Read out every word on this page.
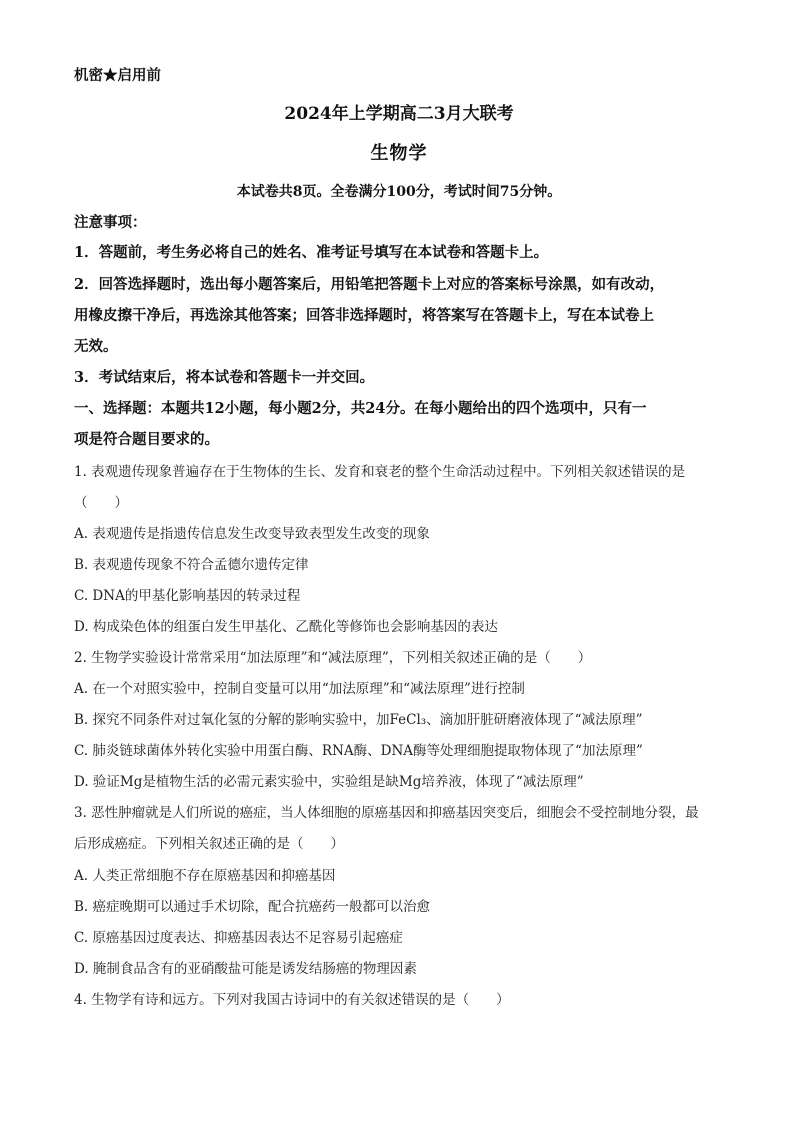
机密★启用前
2024年上学期高二3月大联考
生物学
本试卷共8页。全卷满分100分，考试时间75分钟。
注意事项：
1．答题前，考生务必将自己的姓名、准考证号填写在本试卷和答题卡上。
2．回答选择题时，选出每小题答案后，用铅笔把答题卡上对应的答案标号涂黑，如有改动，
用橡皮擦干净后，再选涂其他答案；回答非选择题时，将答案写在答题卡上，写在本试卷上
无效。
3．考试结束后，将本试卷和答题卡一并交回。
一、选择题：本题共12小题，每小题2分，共24分。在每小题给出的四个选项中，只有一
项是符合题目要求的。
1. 表观遗传现象普遍存在于生物体的生长、发育和衰老的整个生命活动过程中。下列相关叙述错误的是
（　　）
A. 表观遗传是指遗传信息发生改变导致表型发生改变的现象
B. 表观遗传现象不符合孟德尔遗传定律
C. DNA的甲基化影响基因的转录过程
D. 构成染色体的组蛋白发生甲基化、乙酰化等修饰也会影响基因的表达
2. 生物学实验设计常常采用“加法原理”和“减法原理”，下列相关叙述正确的是（　　）
A. 在一个对照实验中，控制自变量可以用“加法原理”和“减法原理”进行控制
B. 探究不同条件对过氧化氢的分解的影响实验中，加FeCl₃、滴加肝脏研磨液体现了“减法原理”
C. 肺炎链球菌体外转化实验中用蛋白酶、RNA酶、DNA酶等处理细胞提取物体现了“加法原理”
D. 验证Mg是植物生活的必需元素实验中，实验组是缺Mg培养液，体现了“减法原理”
3. 恶性肿瘤就是人们所说的癌症，当人体细胞的原癌基因和抑癌基因突变后，细胞会不受控制地分裂，最
后形成癌症。下列相关叙述正确的是（　　）
A. 人类正常细胞不存在原癌基因和抑癌基因
B. 癌症晚期可以通过手术切除，配合抗癌药一般都可以治愈
C. 原癌基因过度表达、抑癌基因表达不足容易引起癌症
D. 腌制食品含有的亚硝酸盐可能是诱发结肠癌的物理因素
4. 生物学有诗和远方。下列对我国古诗词中的有关叙述错误的是（　　）
